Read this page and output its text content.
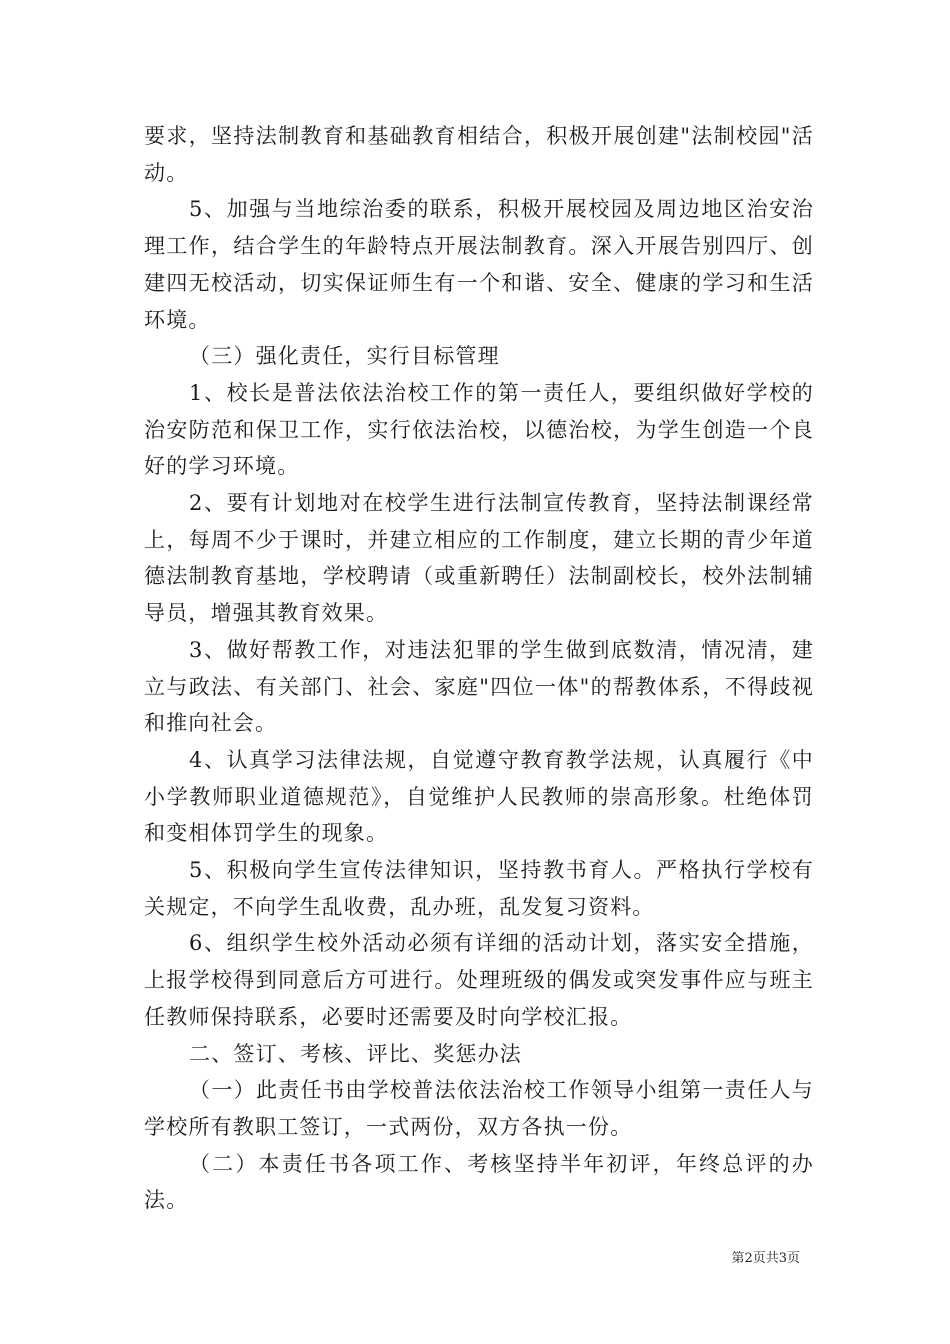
要求，坚持法制教育和基础教育相结合，积极开展创建"法制校园"活动。

5、加强与当地综治委的联系，积极开展校园及周边地区治安治理工作，结合学生的年龄特点开展法制教育。深入开展告别四厅、创建四无校活动，切实保证师生有一个和谐、安全、健康的学习和生活环境。

（三）强化责任，实行目标管理

1、校长是普法依法治校工作的第一责任人，要组织做好学校的治安防范和保卫工作，实行依法治校，以德治校，为学生创造一个良好的学习环境。

2、要有计划地对在校学生进行法制宣传教育，坚持法制课经常上，每周不少于课时，并建立相应的工作制度，建立长期的青少年道德法制教育基地，学校聘请（或重新聘任）法制副校长，校外法制辅导员，增强其教育效果。

3、做好帮教工作，对违法犯罪的学生做到底数清，情况清，建立与政法、有关部门、社会、家庭"四位一体"的帮教体系，不得歧视和推向社会。

4、认真学习法律法规，自觉遵守教育教学法规，认真履行《中小学教师职业道德规范》，自觉维护人民教师的崇高形象。杜绝体罚和变相体罚学生的现象。

5、积极向学生宣传法律知识，坚持教书育人。严格执行学校有关规定，不向学生乱收费，乱办班，乱发复习资料。

6、组织学生校外活动必须有详细的活动计划，落实安全措施，上报学校得到同意后方可进行。处理班级的偶发或突发事件应与班主任教师保持联系，必要时还需要及时向学校汇报。

二、签订、考核、评比、奖惩办法

（一）此责任书由学校普法依法治校工作领导小组第一责任人与学校所有教职工签订，一式两份，双方各执一份。

（二）本责任书各项工作、考核坚持半年初评，年终总评的办法。

第2页共3页
